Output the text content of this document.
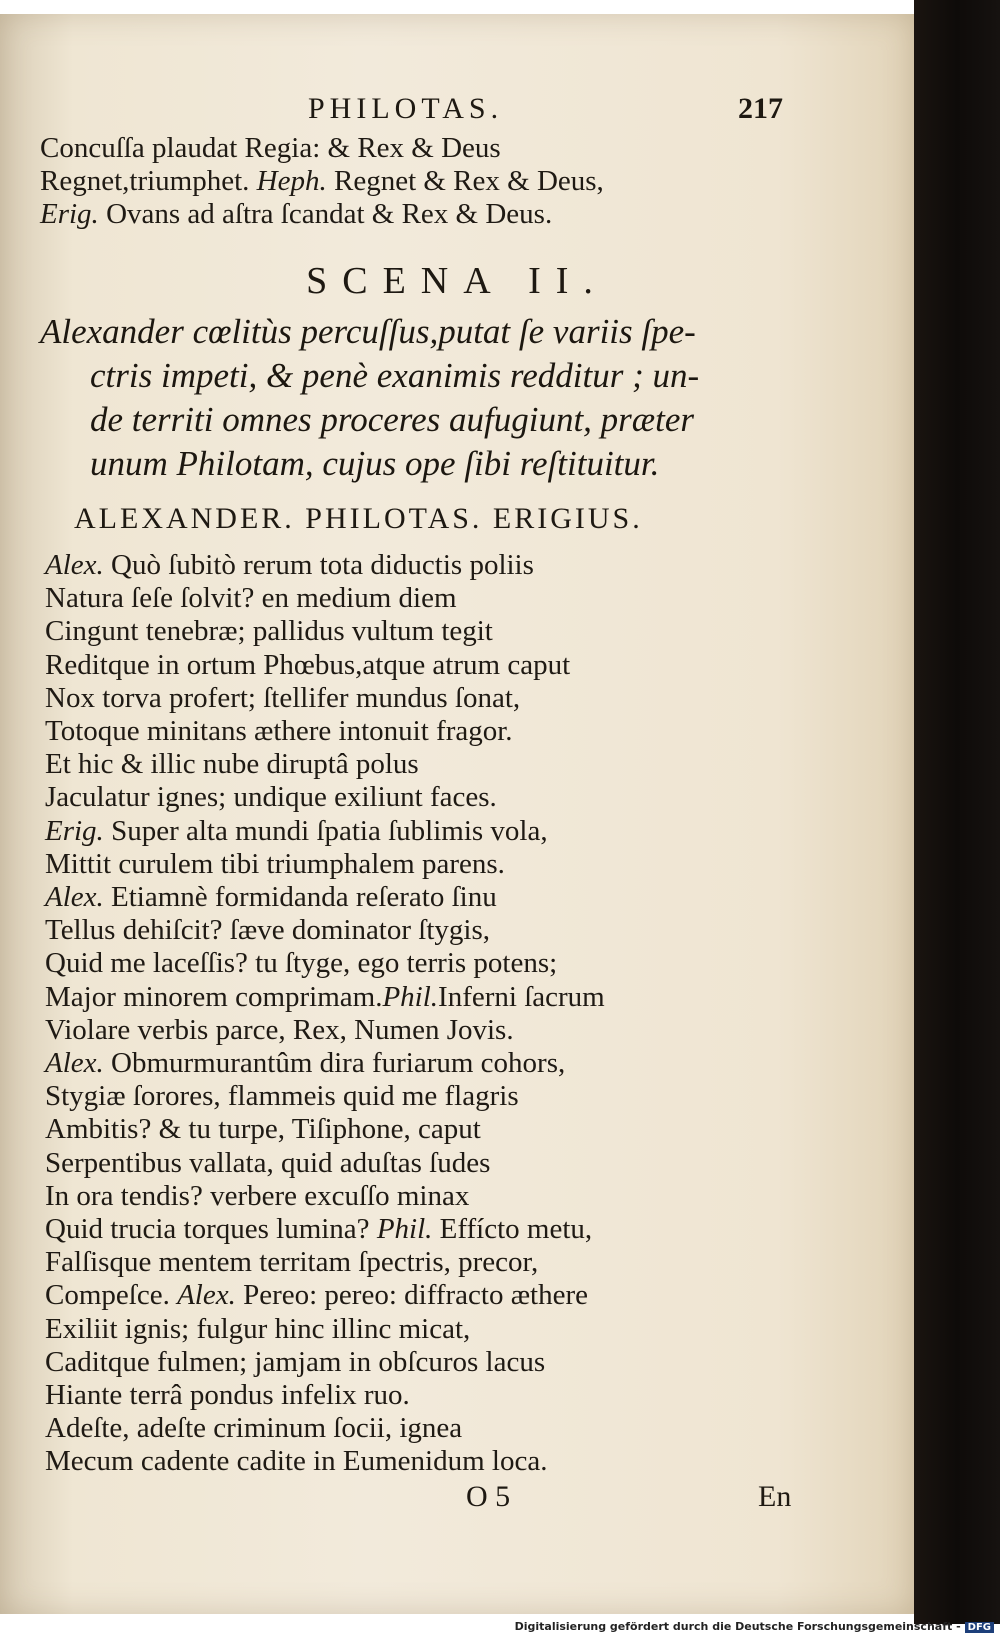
PHILOTAS.	217
Concuſſa plaudat Regia: & Rex & Deus
Regnet,triumphet. Heph. Regnet & Rex & Deus,
Erig. Ovans ad aſtra ſcandat & Rex & Deus.
SCENA II.
Alexander cœlitùs percuſſus,putat ſe variis ſpe-
ctris impeti, & penè exanimis redditur ; un-
de territi omnes proceres aufugiunt, præter
unum Philotam, cujus ope ſibi reſtituitur.
ALEXANDER. PHILOTAS. ERIGIUS.
Alex. Quò ſubitò rerum tota diductis poliis
Natura ſeſe ſolvit? en medium diem
Cingunt tenebræ; pallidus vultum tegit
Reditque in ortum Phœbus,atque atrum caput
Nox torva profert; ſtellifer mundus ſonat,
Totoque minitans æthere intonuit fragor.
Et hic & illic nube diruptâ polus
Jaculatur ignes; undique exiliunt faces.
Erig. Super alta mundi ſpatia ſublimis vola,
Mittit curulem tibi triumphalem parens.
Alex. Etiamnè formidanda reſerato ſinu
Tellus dehiſcit? ſæve dominator ſtygis,
Quid me laceſſis? tu ſtyge, ego terris potens;
Major minorem comprimam.Phil.Inferni ſacrum
Violare verbis parce, Rex, Numen Jovis.
Alex. Obmurmurantûm dira furiarum cohors,
Stygiæ ſorores, flammeis quid me flagris
Ambitis? & tu turpe, Tiſiphone, caput
Serpentibus vallata, quid aduſtas ſudes
In ora tendis? verbere excuſſo minax
Quid trucia torques lumina? Phil. Effícto metu,
Falſisque mentem territam ſpectris, precor,
Compeſce. Alex. Pereo: pereo: diffracto æthere
Exiliit ignis; fulgur hinc illinc micat,
Caditque fulmen; jamjam in obſcuros lacus
Hiante terrâ pondus infelix ruo.
Adeſte, adeſte criminum ſocii, ignea
Mecum cadente cadite in Eumenidum loca.
O 5	En
Digitalisierung gefördert durch die Deutsche Forschungsgemeinschaft - DFG
